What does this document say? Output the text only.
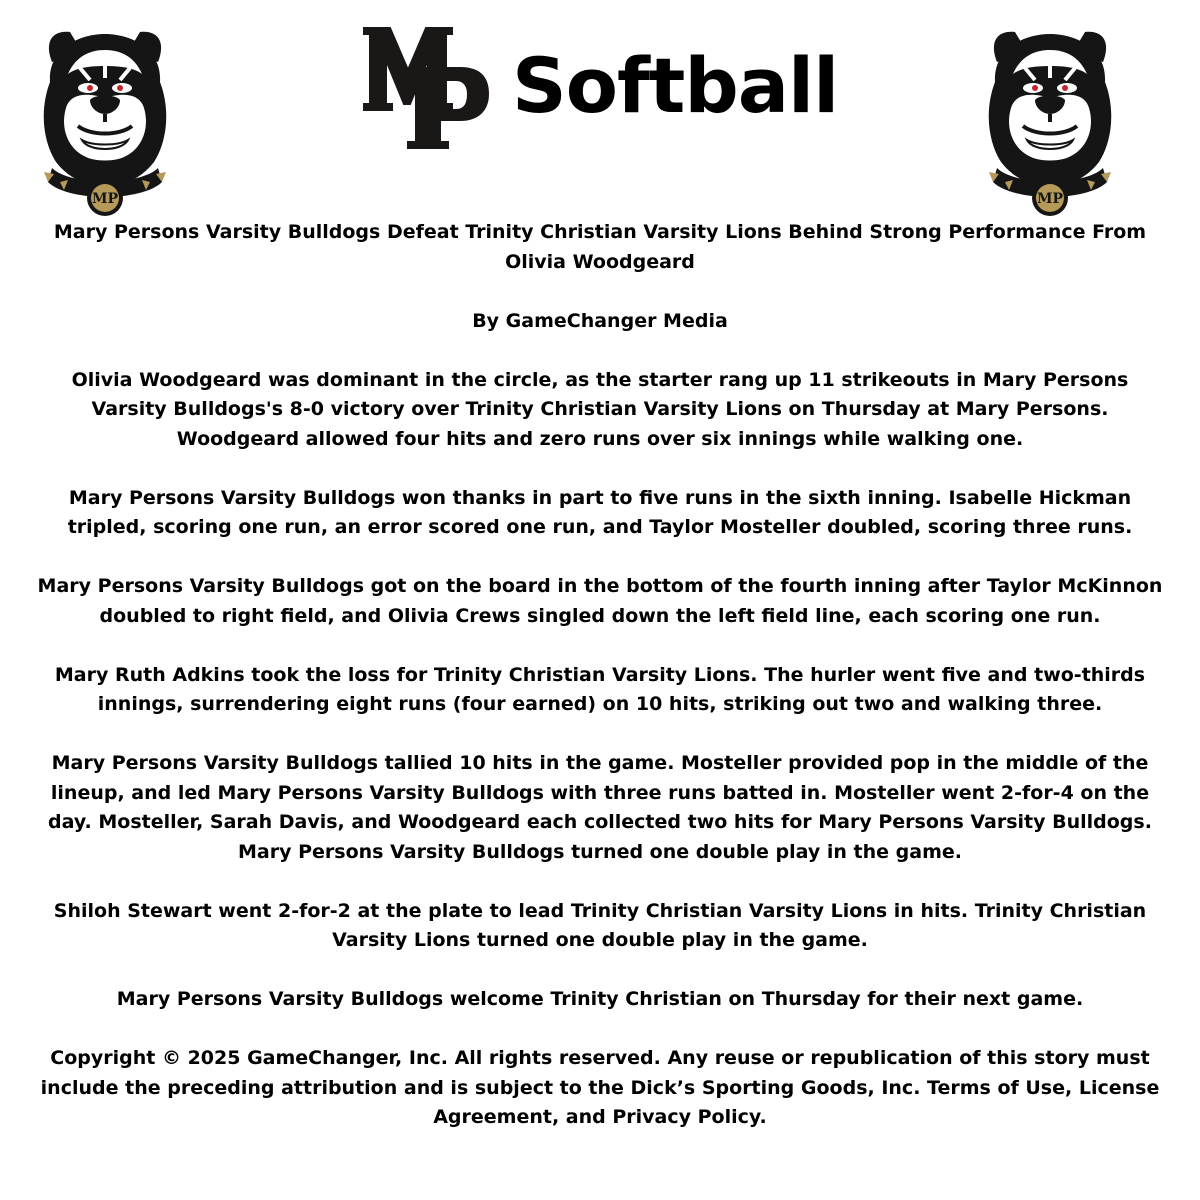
MP
Softball
MP

Mary Persons Varsity Bulldogs Defeat Trinity Christian Varsity Lions Behind Strong Performance From Olivia Woodgeard

By GameChanger Media

Olivia Woodgeard was dominant in the circle, as the starter rang up 11 strikeouts in Mary Persons Varsity Bulldogs's 8-0 victory over Trinity Christian Varsity Lions on Thursday at Mary Persons. Woodgeard allowed four hits and zero runs over six innings while walking one.

Mary Persons Varsity Bulldogs won thanks in part to five runs in the sixth inning. Isabelle Hickman tripled, scoring one run, an error scored one run, and Taylor Mosteller doubled, scoring three runs.

Mary Persons Varsity Bulldogs got on the board in the bottom of the fourth inning after Taylor McKinnon doubled to right field, and Olivia Crews singled down the left field line, each scoring one run.

Mary Ruth Adkins took the loss for Trinity Christian Varsity Lions. The hurler went five and two-thirds innings, surrendering eight runs (four earned) on 10 hits, striking out two and walking three.

Mary Persons Varsity Bulldogs tallied 10 hits in the game. Mosteller provided pop in the middle of the lineup, and led Mary Persons Varsity Bulldogs with three runs batted in. Mosteller went 2-for-4 on the day. Mosteller, Sarah Davis, and Woodgeard each collected two hits for Mary Persons Varsity Bulldogs. Mary Persons Varsity Bulldogs turned one double play in the game.

Shiloh Stewart went 2-for-2 at the plate to lead Trinity Christian Varsity Lions in hits. Trinity Christian Varsity Lions turned one double play in the game.

Mary Persons Varsity Bulldogs welcome Trinity Christian on Thursday for their next game.

Copyright © 2025 GameChanger, Inc. All rights reserved. Any reuse or republication of this story must include the preceding attribution and is subject to the Dick’s Sporting Goods, Inc. Terms of Use, License Agreement, and Privacy Policy.
